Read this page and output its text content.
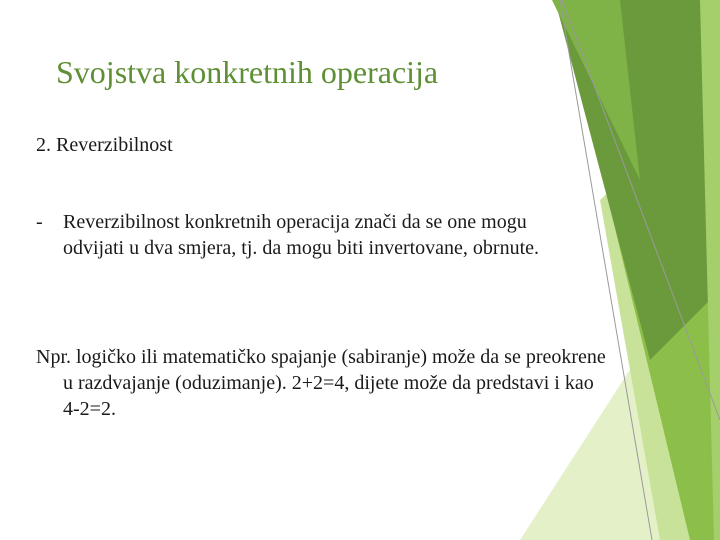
Svojstva konkretnih operacija
2. Reverzibilnost
- Reverzibilnost konkretnih operacija znači da se one mogu odvijati u dva smjera, tj. da mogu biti invertovane, obrnute.
Npr. logičko ili matematičko spajanje (sabiranje) može da se preokrene u razdvajanje (oduzimanje). 2+2=4, dijete može da predstavi i kao 4-2=2.
